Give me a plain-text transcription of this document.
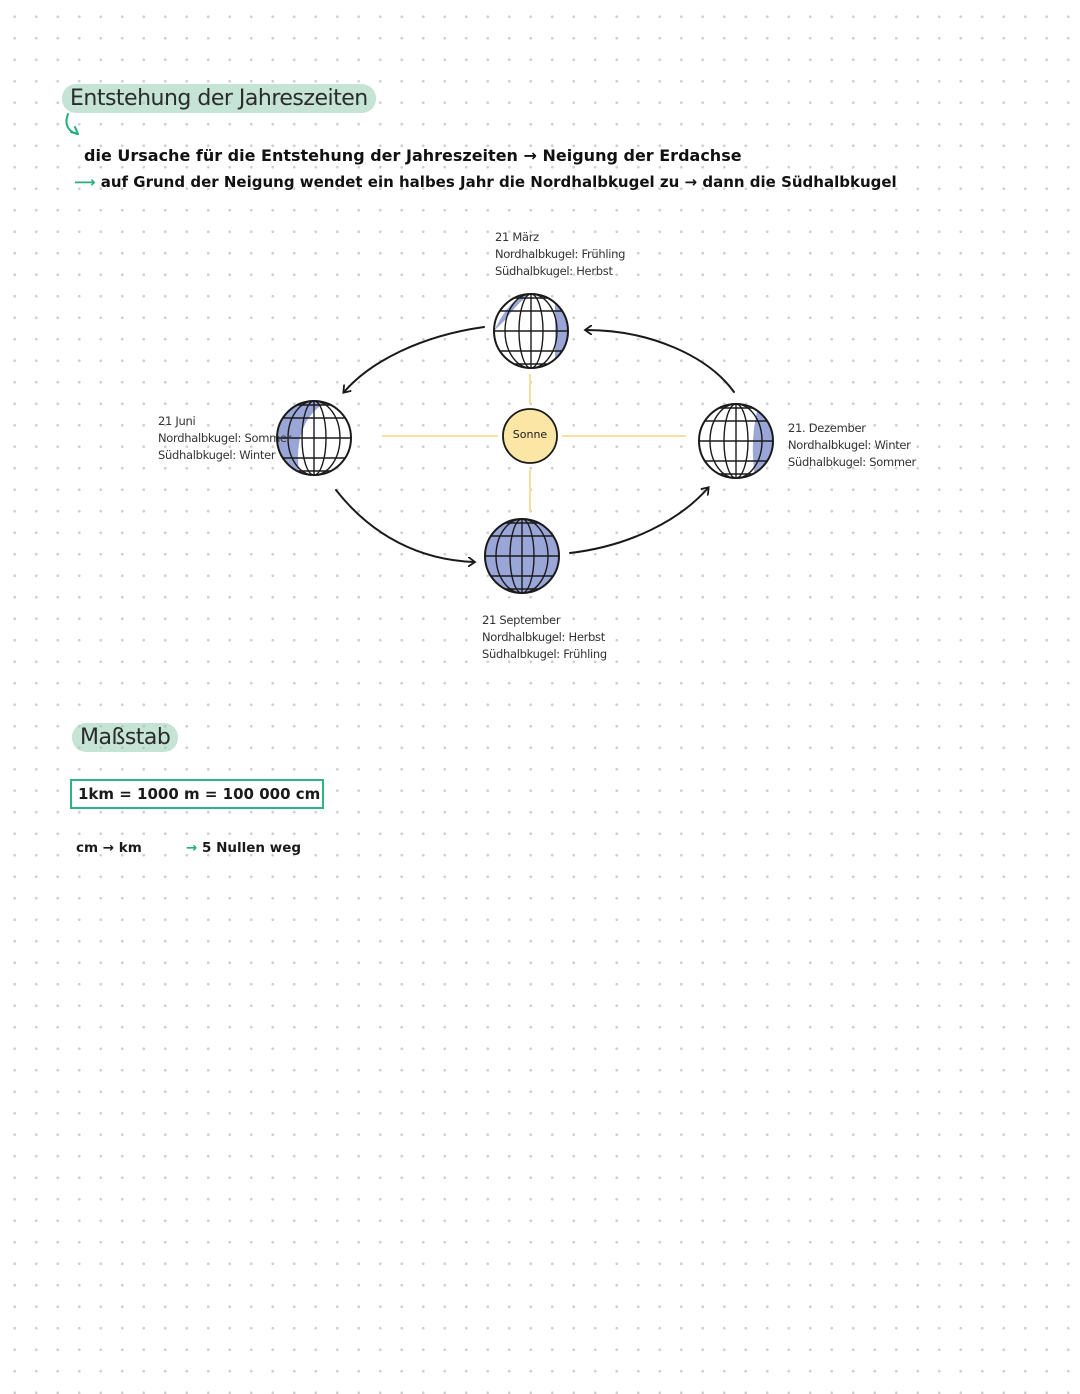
Entstehung der Jahreszeiten
die Ursache für die Entstehung der Jahreszeiten → Neigung der Erdachse
⟶ auf Grund der Neigung wendet ein halbes Jahr die Nordhalbkugel zu → dann die Südhalbkugel
Sonne
21 März
Nordhalbkugel: Frühling
Südhalbkugel: Herbst
21 Juni
Nordhalbkugel: Sommer
Südhalbkugel: Winter
21 September
Nordhalbkugel: Herbst
Südhalbkugel: Frühling
21. Dezember
Nordhalbkugel: Winter
Südhalbkugel: Sommer
Maßstab
1km = 1000 m = 100 000 cm
cm → km	→ 5 Nullen weg
